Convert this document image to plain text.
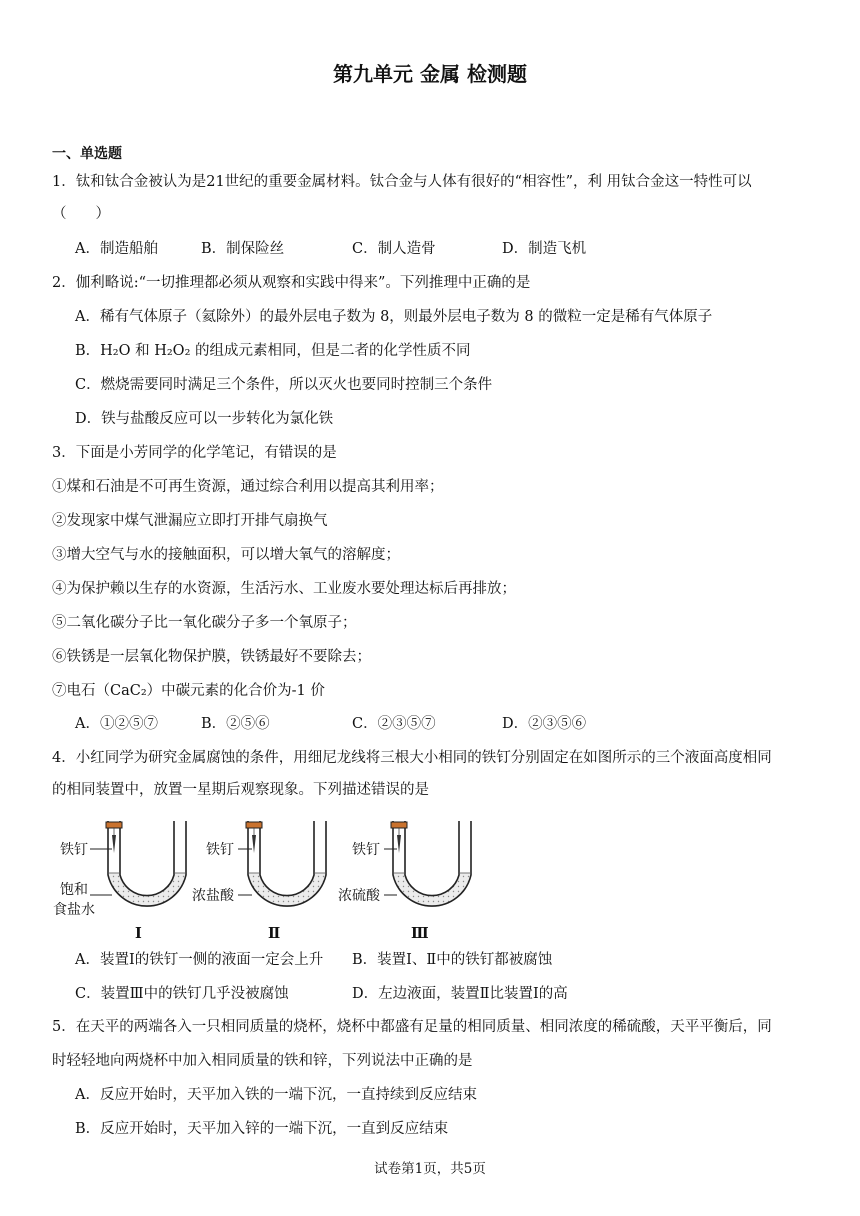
第九单元 金属 检测题
一、单选题
1．钛和钛合金被认为是21世纪的重要金属材料。钛合金与人体有很好的“相容性”，利 用钛合金这一特性可以
（　　）
A．制造船舶	B．制保险丝	C．制人造骨	D．制造飞机
2．伽利略说:“一切推理都必须从观察和实践中得来”。下列推理中正确的是
A．稀有气体原子（氦除外）的最外层电子数为 8，则最外层电子数为 8 的微粒一定是稀有气体原子
B．H₂O 和 H₂O₂ 的组成元素相同，但是二者的化学性质不同
C．燃烧需要同时满足三个条件，所以灭火也要同时控制三个条件
D．铁与盐酸反应可以一步转化为氯化铁
3．下面是小芳同学的化学笔记，有错误的是
①煤和石油是不可再生资源，通过综合利用以提高其利用率；
②发现家中煤气泄漏应立即打开排气扇换气
③增大空气与水的接触面积，可以增大氧气的溶解度；
④为保护赖以生存的水资源，生活污水、工业废水要处理达标后再排放；
⑤二氧化碳分子比一氧化碳分子多一个氧原子；
⑥铁锈是一层氧化物保护膜，铁锈最好不要除去；
⑦电石（CaC₂）中碳元素的化合价为-1 价
A．①②⑤⑦	B．②⑤⑥	C．②③⑤⑦	D．②③⑤⑥
4．小红同学为研究金属腐蚀的条件，用细尼龙线将三根大小相同的铁钉分别固定在如图所示的三个液面高度相同
的相同装置中，放置一星期后观察现象。下列描述错误的是
铁钉
饱和
食盐水
铁钉
浓盐酸
铁钉
浓硫酸
Ⅰ	Ⅱ	Ⅲ
A．装置Ⅰ的铁钉一侧的液面一定会上升 B．装置Ⅰ、Ⅱ中的铁钉都被腐蚀
C．装置Ⅲ中的铁钉几乎没被腐蚀	D．左边液面，装置Ⅱ比装置Ⅰ的高
5．在天平的两端各入一只相同质量的烧杯，烧杯中都盛有足量的相同质量、相同浓度的稀硫酸，天平平衡后，同
时轻轻地向两烧杯中加入相同质量的铁和锌，下列说法中正确的是
A．反应开始时，天平加入铁的一端下沉，一直持续到反应结束
B．反应开始时，天平加入锌的一端下沉，一直到反应结束
试卷第1页，共5页
